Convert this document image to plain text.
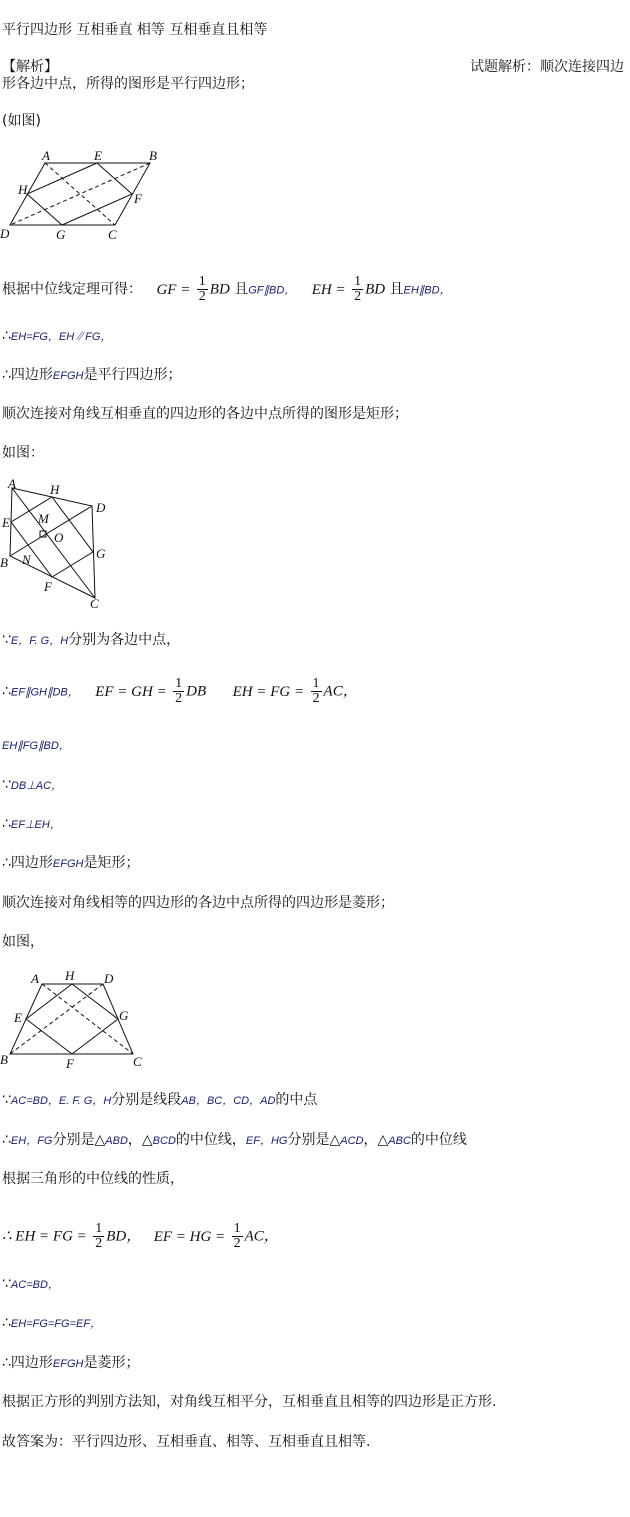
平行四边形 互相垂直 相等 互相垂直且相等
【解析】	试题解析：顺次连接四边
形各边中点，所得的图形是平行四边形；
(如图)
A	E	B
H
F
D	G	C
根据中位线定理可得： GF = $\frac{1}{2}$ BD 且GF∥BD， EH = $\frac{1}{2}$ BD 且EH∥BD，
∴EH=FG，EH∥FG，
∴四边形EFGH是平行四边形；
顺次连接对角线互相垂直的四边形的各边中点所得的图形是矩形；
如图：
A	H
D
E M
O
B N	G
F
C
∵E，F. G，H分别为各边中点，
∴EF∥GH∥DB， EF = GH = $\frac{1}{2}$ DB EH = FG = $\frac{1}{2}$ AC，
EH∥FG∥BD，
∵DB⊥AC，
∴EF⊥EH，
∴四边形EFGH是矩形；
顺次连接对角线相等的四边形的各边中点所得的四边形是菱形；
如图，
A H D
E	G
B	F	C
∵AC=BD，E. F. G，H分别是线段AB，BC，CD，AD的中点
∴EH，FG分别是△ABD，△BCD的中位线，EF，HG分别是△ACD，△ABC的中位线
根据三角形的中位线的性质，
∴ EH = FG = $\frac{1}{2}$ BD， EF = HG = $\frac{1}{2}$ AC，
∵AC=BD，
∴EH=FG=FG=EF，
∴四边形EFGH是菱形；
根据正方形的判别方法知，对角线互相平分，互相垂直且相等的四边形是正方形.
故答案为：平行四边形、互相垂直、相等、互相垂直且相等.
